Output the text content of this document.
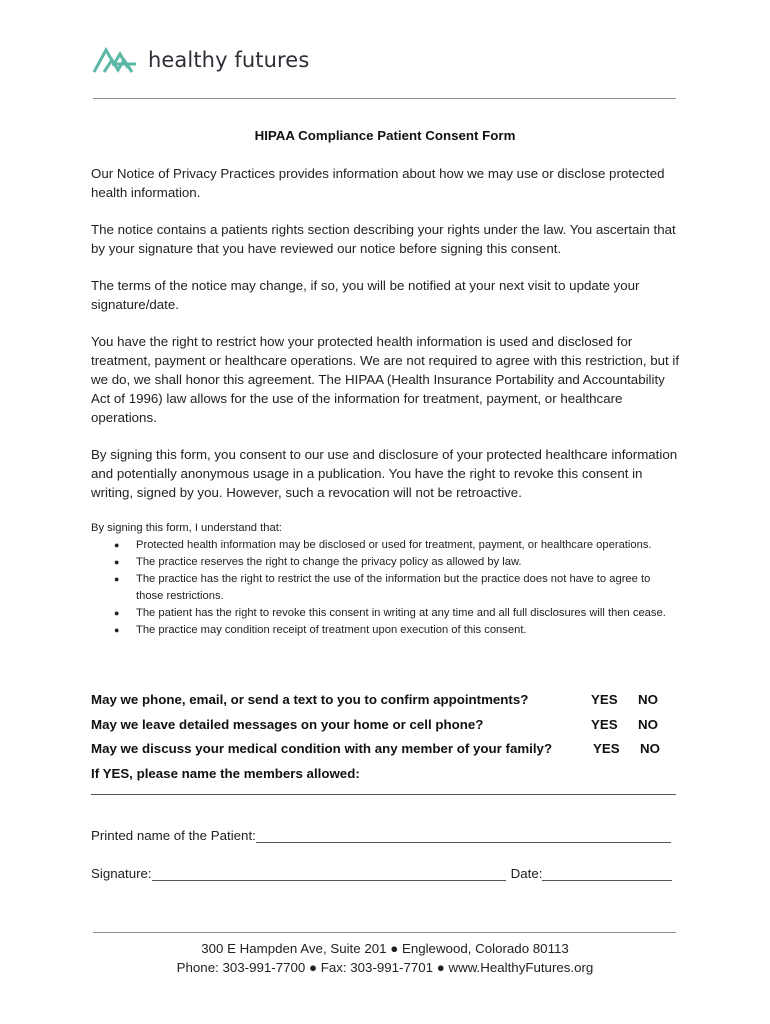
healthy futures
HIPAA Compliance Patient Consent Form

Our Notice of Privacy Practices provides information about how we may use or disclose protected health information.

The notice contains a patients rights section describing your rights under the law. You ascertain that by your signature that you have reviewed our notice before signing this consent.

The terms of the notice may change, if so, you will be notified at your next visit to update your signature/date.

You have the right to restrict how your protected health information is used and disclosed for treatment, payment or healthcare operations. We are not required to agree with this restriction, but if we do, we shall honor this agreement. The HIPAA (Health Insurance Portability and Accountability Act of 1996) law allows for the use of the information for treatment, payment, or healthcare operations.

By signing this form, you consent to our use and disclosure of your protected healthcare information and potentially anonymous usage in a publication. You have the right to revoke this consent in writing, signed by you. However, such a revocation will not be retroactive.

By signing this form, I understand that:
● Protected health information may be disclosed or used for treatment, payment, or healthcare operations.
● The practice reserves the right to change the privacy policy as allowed by law.
● The practice has the right to restrict the use of the information but the practice does not have to agree to those restrictions.
● The patient has the right to revoke this consent in writing at any time and all full disclosures will then cease.
● The practice may condition receipt of treatment upon execution of this consent.
May we phone, email, or send a text to you to confirm appointments?	YES NO
May we leave detailed messages on your home or cell phone?	YES NO
May we discuss your medical condition with any member of your family?	YES NO
If YES, please name the members allowed:
Printed name of the Patient:
Signature:	Date:
300 E Hampden Ave, Suite 201 ● Englewood, Colorado 80113
Phone: 303-991-7700 ● Fax: 303-991-7701 ● www.HealthyFutures.org
